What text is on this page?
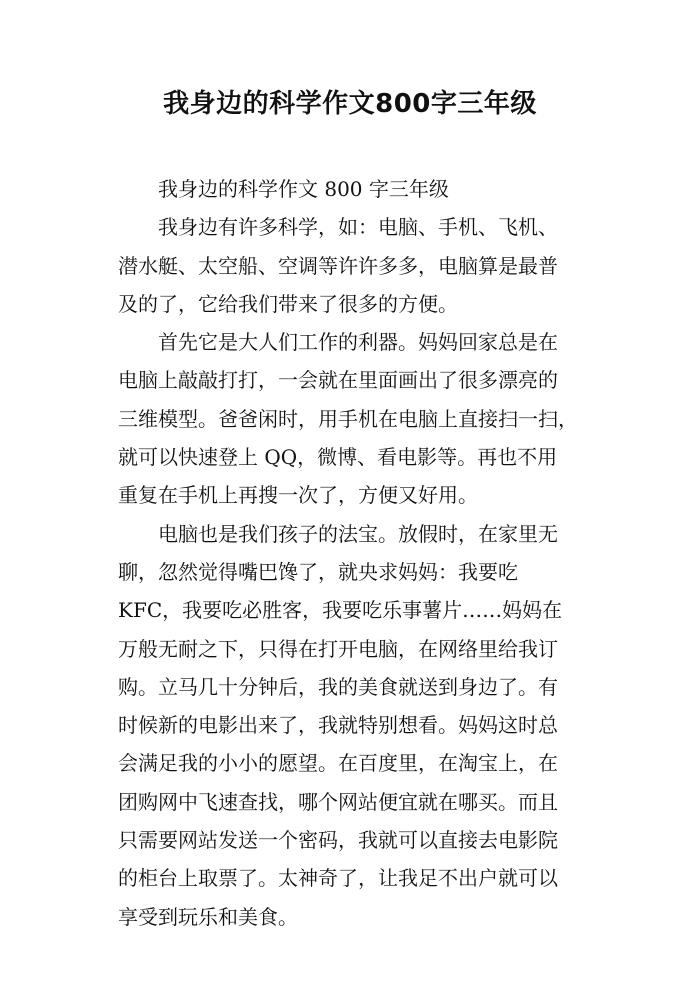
我身边的科学作文800字三年级
我身边的科学作文 800 字三年级
我身边有许多科学，如：电脑、手机、飞机、
潜水艇、太空船、空调等许许多多，电脑算是最普
及的了，它给我们带来了很多的方便。
首先它是大人们工作的利器。妈妈回家总是在
电脑上敲敲打打，一会就在里面画出了很多漂亮的
三维模型。爸爸闲时，用手机在电脑上直接扫一扫，
就可以快速登上 QQ，微博、看电影等。再也不用
重复在手机上再搜一次了，方便又好用。
电脑也是我们孩子的法宝。放假时，在家里无
聊，忽然觉得嘴巴馋了，就央求妈妈：我要吃
KFC，我要吃必胜客，我要吃乐事薯片……妈妈在
万般无耐之下，只得在打开电脑，在网络里给我订
购。立马几十分钟后，我的美食就送到身边了。有
时候新的电影出来了，我就特别想看。妈妈这时总
会满足我的小小的愿望。在百度里，在淘宝上，在
团购网中飞速查找，哪个网站便宜就在哪买。而且
只需要网站发送一个密码，我就可以直接去电影院
的柜台上取票了。太神奇了，让我足不出户就可以
享受到玩乐和美食。
